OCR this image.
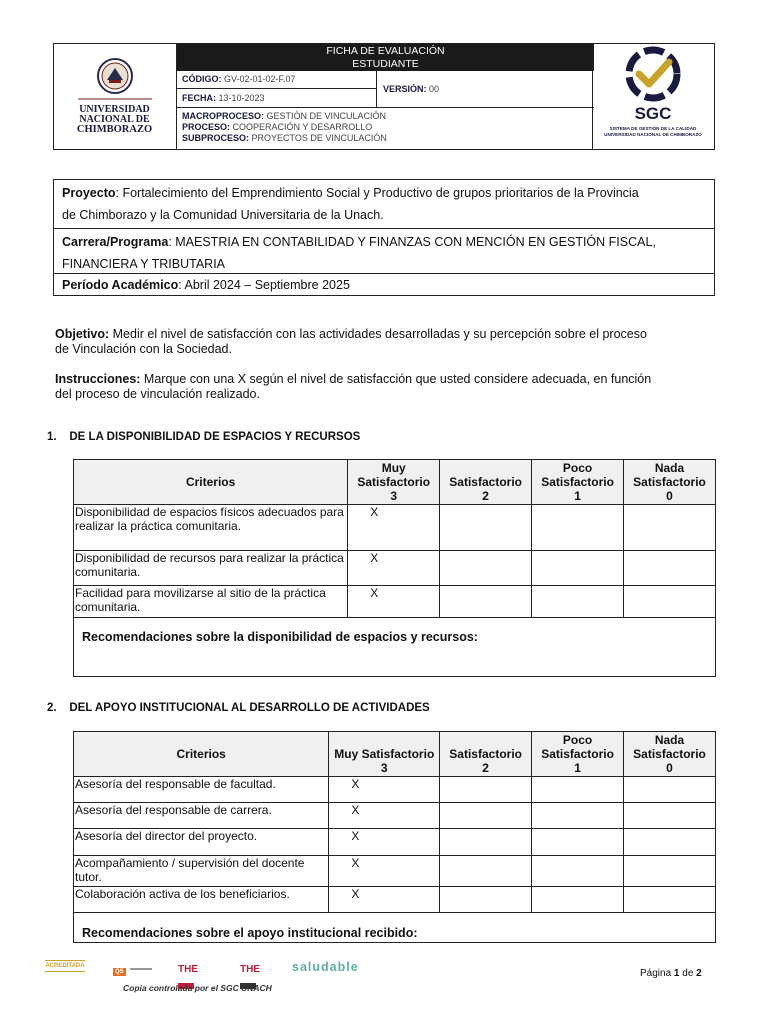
UNIVERSIDAD
NACIONAL DE
CHIMBORAZO
FICHA DE EVALUACIÓN
ESTUDIANTE
CÓDIGO: GV-02-01-02-F.07
FECHA: 13-10-2023
VERSIÓN: 00
MACROPROCESO: GESTIÓN DE VINCULACIÓN
PROCESO: COOPERACIÓN Y DESARROLLO
SUBPROCESO: PROYECTOS DE VINCULACIÓN
SGC
SISTEMA DE GESTIÓN DE LA CALIDAD
UNIVERSIDAD NACIONAL DE CHIMBORAZO
Proyecto: Fortalecimiento del Emprendimiento Social y Productivo de grupos prioritarios de la Provincia
de Chimborazo y la Comunidad Universitaria de la Unach.
Carrera/Programa: MAESTRIA EN CONTABILIDAD Y FINANZAS CON MENCIÓN EN GESTIÓN FISCAL,
FINANCIERA Y TRIBUTARIA
Período Académico: Abril 2024 – Septiembre 2025
Objetivo: Medir el nivel de satisfacción con las actividades desarrolladas y su percepción sobre el proceso
de Vinculación con la Sociedad.
Instrucciones: Marque con una X según el nivel de satisfacción que usted considere adecuada, en función
del proceso de vinculación realizado.
1. DE LA DISPONIBILIDAD DE ESPACIOS Y RECURSOS
Criterios	Muy
Satisfactorio
3	Satisfactorio
2	Poco
Satisfactorio
1	Nada
Satisfactorio
0
Disponibilidad de espacios físicos adecuados para realizar la práctica comunitaria.	X			
Disponibilidad de recursos para realizar la práctica comunitaria.	X			
Facilidad para movilizarse al sitio de la práctica comunitaria.	X			
Recomendaciones sobre la disponibilidad de espacios y recursos:				
2. DEL APOYO INSTITUCIONAL AL DESARROLLO DE ACTIVIDADES
Criterios	Muy Satisfactorio
3	Satisfactorio
2	Poco
Satisfactorio
1	Nada
Satisfactorio
0
Asesoría del responsable de facultad.	X			
Asesoría del responsable de carrera.	X			
Asesoría del director del proyecto.	X			
Acompañamiento / supervisión del docente tutor.	X			
Colaboración activa de los beneficiarios.	X			
Recomendaciones sobre el apoyo institucional recibido:				
ACREDITADA
QS	THE	THE	saludable	Página 1 de 2
Copia controlada por el SGC UNACH
